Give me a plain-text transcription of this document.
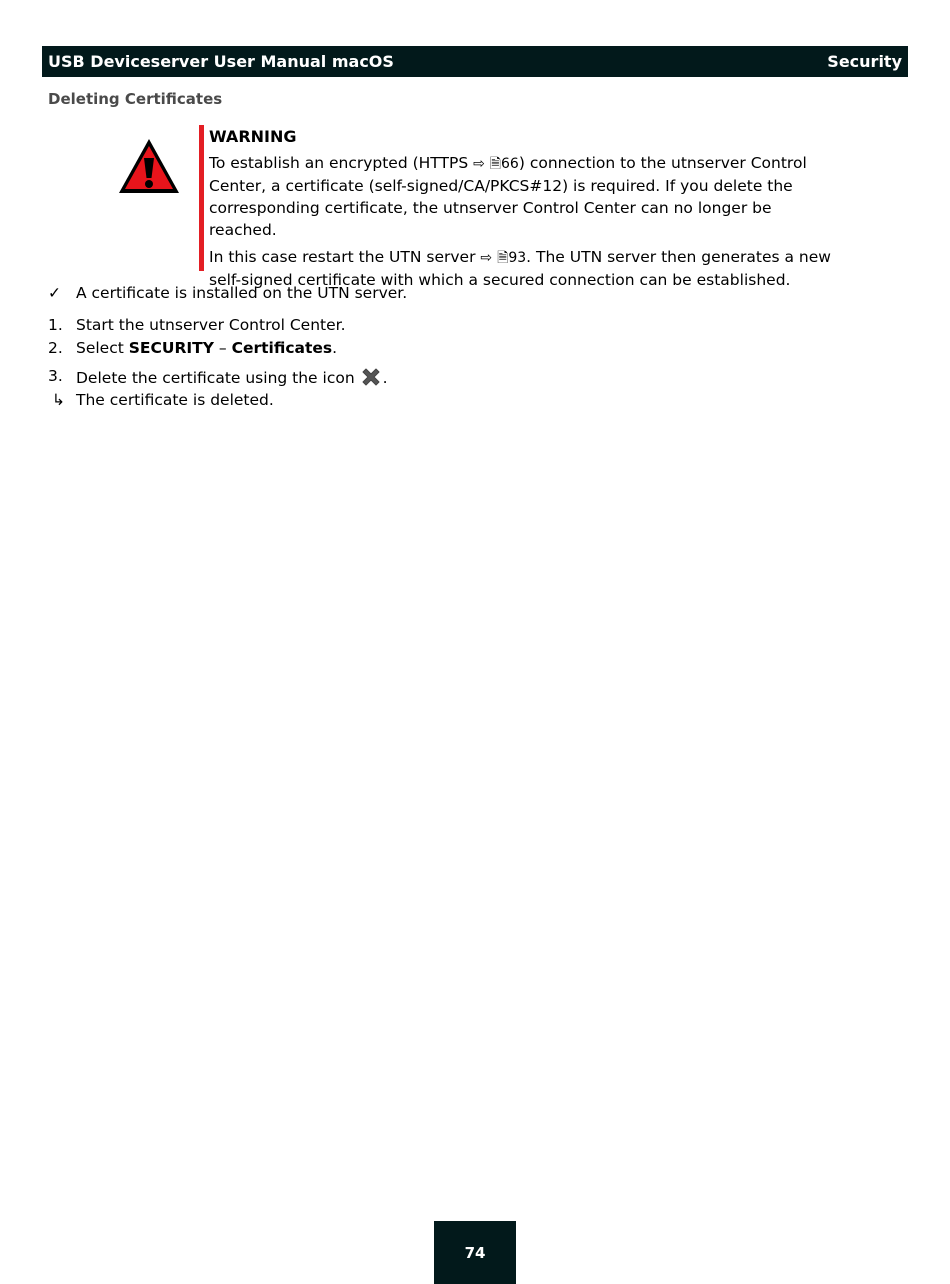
USB Deviceserver User Manual macOS	Security
Deleting Certificates
WARNING

To establish an encrypted (HTTPS ⇨ 🗎66) connection to the utnserver Control Center, a certificate (self-signed/CA/PKCS#12) is required. If you delete the corresponding certificate, the utnserver Control Center can no longer be reached.

In this case restart the UTN server ⇨ 🗎93. The UTN server then generates a new self-signed certificate with which a secured connection can be established.

✓ A certificate is installed on the UTN server.
1. Start the utnserver Control Center.
2. Select SECURITY – Certificates.
3. Delete the certificate using the icon .
↳ The certificate is deleted.
74
